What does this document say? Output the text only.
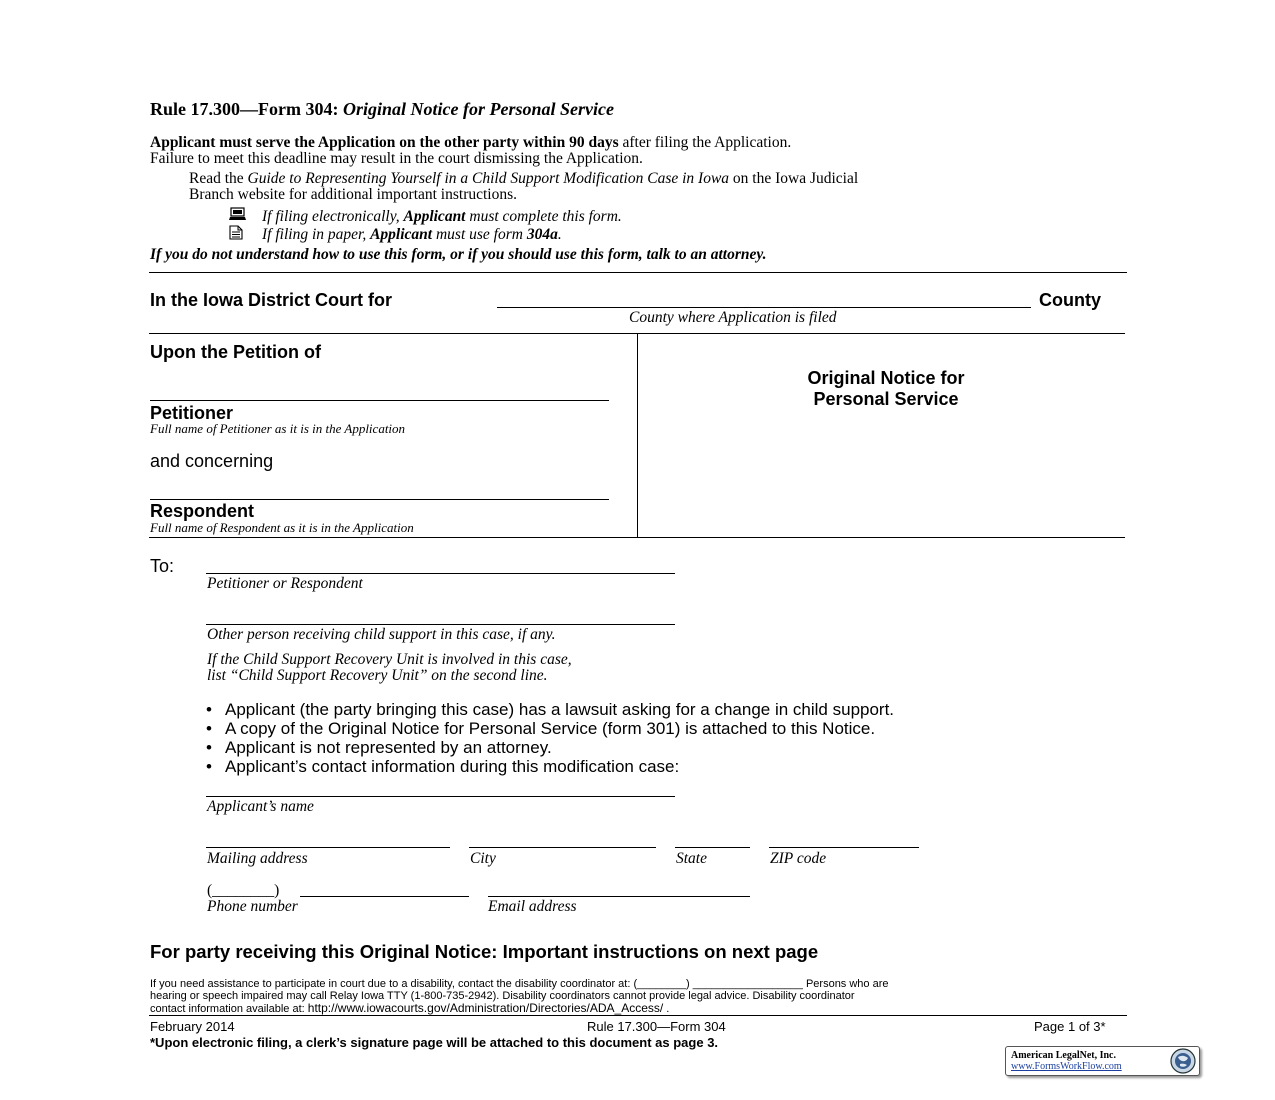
Rule 17.300—Form 304: Original Notice for Personal Service
Applicant must serve the Application on the other party within 90 days after filing the Application.
Failure to meet this deadline may result in the court dismissing the Application.
Read the Guide to Representing Yourself in a Child Support Modification Case in Iowa on the Iowa Judicial
Branch website for additional important instructions.
If filing electronically, Applicant must complete this form.
If filing in paper, Applicant must use form 304a.
If you do not understand how to use this form, or if you should use this form, talk to an attorney.
In the Iowa District Court for	County
County where Application is filed
Upon the Petition of
Petitioner
Full name of Petitioner as it is in the Application
and concerning
Respondent
Full name of Respondent as it is in the Application
Original Notice for
Personal Service
To:
Petitioner or Respondent
Other person receiving child support in this case, if any.
If the Child Support Recovery Unit is involved in this case,
list “Child Support Recovery Unit” on the second line.
• Applicant (the party bringing this case) has a lawsuit asking for a change in child support.
• A copy of the Original Notice for Personal Service (form 301) is attached to this Notice.
• Applicant is not represented by an attorney.
• Applicant’s contact information during this modification case:
Applicant’s name
Mailing address	City	State	ZIP code
(________)
Phone number	Email address
For party receiving this Original Notice: Important instructions on next page
If you need assistance to participate in court due to a disability, contact the disability coordinator at: (________) __________________ Persons who are
hearing or speech impaired may call Relay Iowa TTY (1-800-735-2942). Disability coordinators cannot provide legal advice. Disability coordinator
contact information available at: http://www.iowacourts.gov/Administration/Directories/ADA_Access/ .
February 2014	Rule 17.300—Form 304	Page 1 of 3*
*Upon electronic filing, a clerk’s signature page will be attached to this document as page 3.
American LegalNet, Inc.
www.FormsWorkFlow.com
